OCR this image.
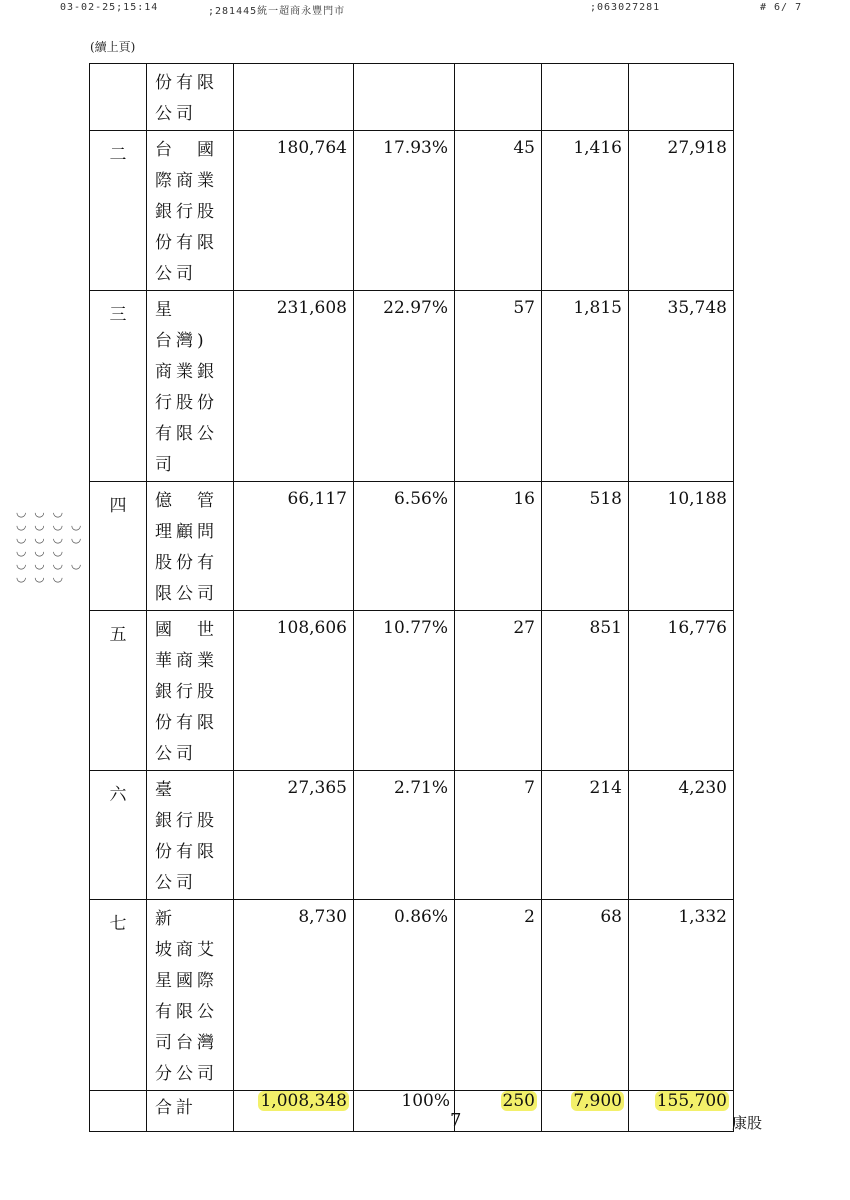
03-02-25;15:14	;281445統一超商永豐門市	;063027281	# 6/ 7
(續上頁)

	份有限公司					

二	台　國際商業銀行股份有限公司	180,764	17.93%	45	1,416	27,918

三	星　　台灣)商業銀行股份有限公司	231,608	22.97%	57	1,815	35,748

四	億　管理顧問股份有限公司	66,117	6.56%	16	518	10,188

五	國　世華商業銀行股份有限公司	108,606	10.77%	27	851	16,776

六	臺　　銀行股份有限公司	27,365	2.71%	7	214	4,230

七	新　　坡商艾星國際有限公司台灣分公司	8,730	0.86%	2	68	1,332

	合計	1,008,348	100%	250	7,900	155,700
◡ ◡ ◡
◡ ◡ ◡ ◡
◡ ◡ ◡ ◡
◡ ◡ ◡
◡ ◡ ◡ ◡
◡ ◡ ◡
7	康股
